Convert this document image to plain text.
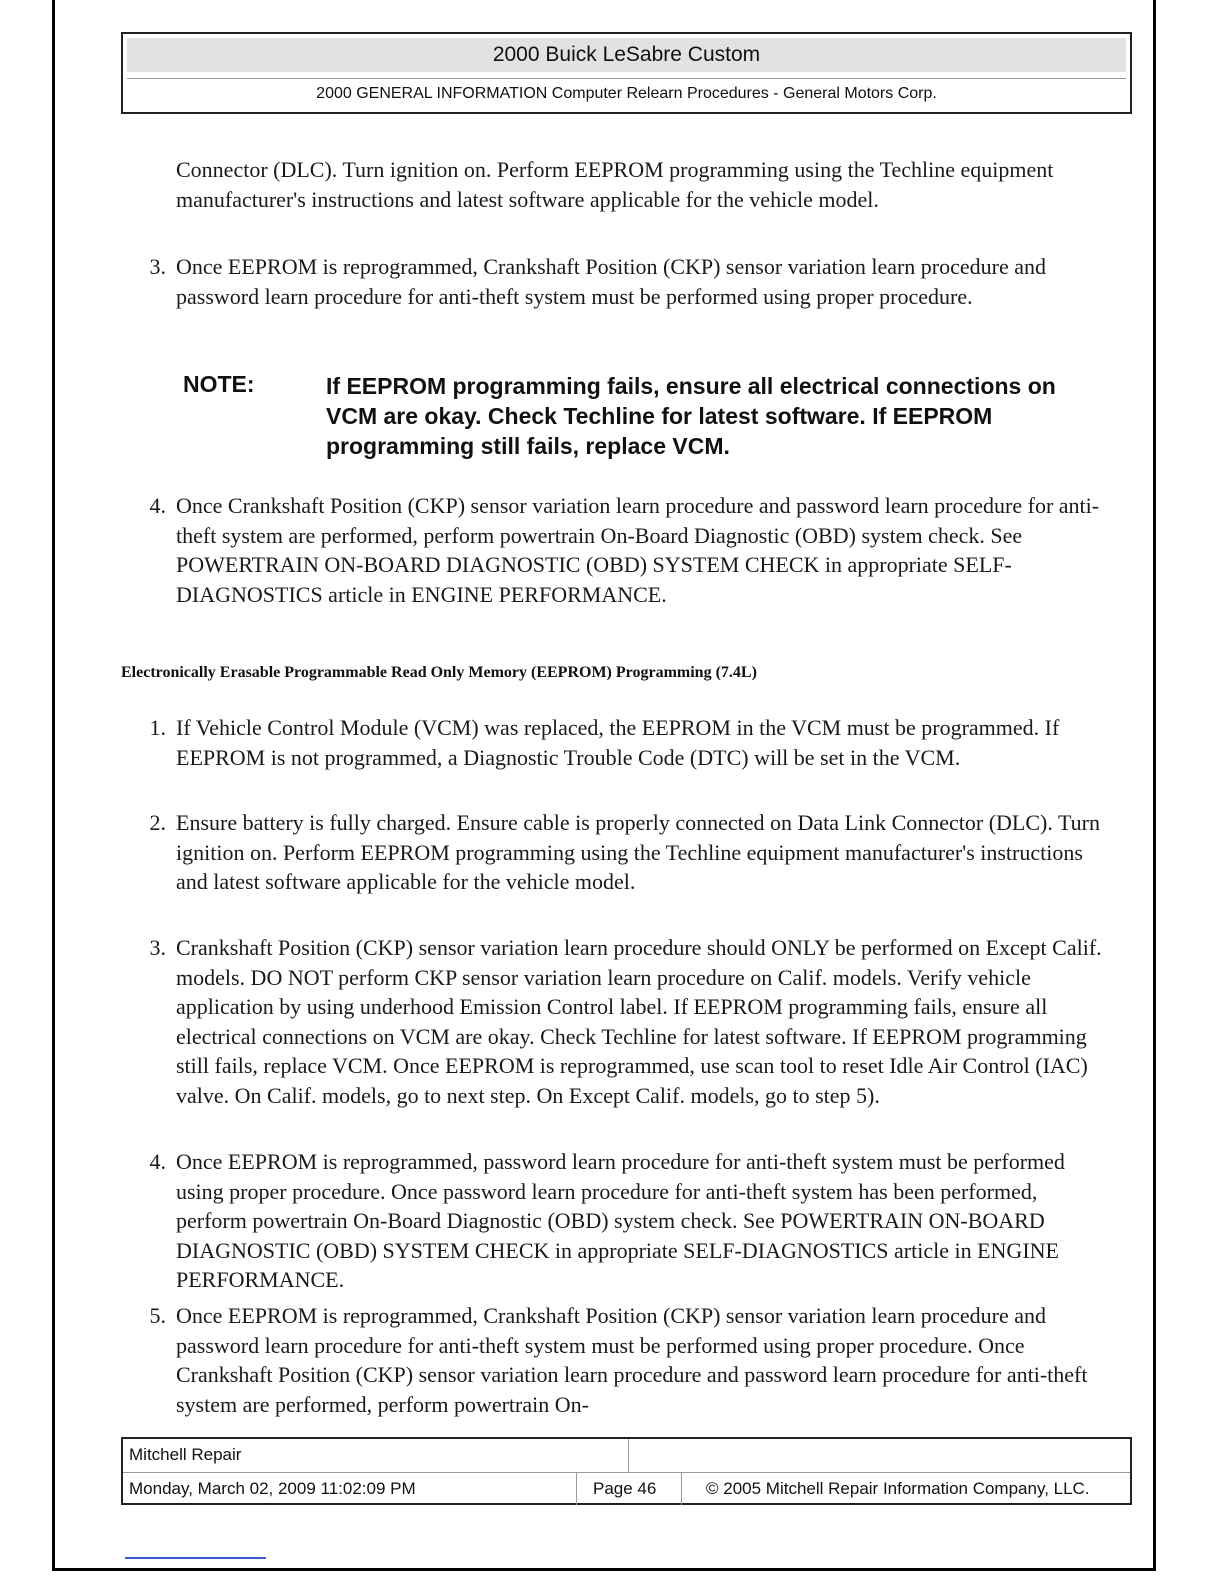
2000 Buick LeSabre Custom
2000 GENERAL INFORMATION Computer Relearn Procedures - General Motors Corp.
Connector (DLC). Turn ignition on. Perform EEPROM programming using the Techline equipment manufacturer's instructions and latest software applicable for the vehicle model.
3. Once EEPROM is reprogrammed, Crankshaft Position (CKP) sensor variation learn procedure and password learn procedure for anti-theft system must be performed using proper procedure.
NOTE:	If EEPROM programming fails, ensure all electrical connections on VCM are okay. Check Techline for latest software. If EEPROM programming still fails, replace VCM.
4. Once Crankshaft Position (CKP) sensor variation learn procedure and password learn procedure for anti-theft system are performed, perform powertrain On-Board Diagnostic (OBD) system check. See POWERTRAIN ON-BOARD DIAGNOSTIC (OBD) SYSTEM CHECK in appropriate SELF-DIAGNOSTICS article in ENGINE PERFORMANCE.
Electronically Erasable Programmable Read Only Memory (EEPROM) Programming (7.4L)
1. If Vehicle Control Module (VCM) was replaced, the EEPROM in the VCM must be programmed. If EEPROM is not programmed, a Diagnostic Trouble Code (DTC) will be set in the VCM.
2. Ensure battery is fully charged. Ensure cable is properly connected on Data Link Connector (DLC). Turn ignition on. Perform EEPROM programming using the Techline equipment manufacturer's instructions and latest software applicable for the vehicle model.
3. Crankshaft Position (CKP) sensor variation learn procedure should ONLY be performed on Except Calif. models. DO NOT perform CKP sensor variation learn procedure on Calif. models. Verify vehicle application by using underhood Emission Control label. If EEPROM programming fails, ensure all electrical connections on VCM are okay. Check Techline for latest software. If EEPROM programming still fails, replace VCM. Once EEPROM is reprogrammed, use scan tool to reset Idle Air Control (IAC) valve. On Calif. models, go to next step. On Except Calif. models, go to step 5).
4. Once EEPROM is reprogrammed, password learn procedure for anti-theft system must be performed using proper procedure. Once password learn procedure for anti-theft system has been performed, perform powertrain On-Board Diagnostic (OBD) system check. See POWERTRAIN ON-BOARD DIAGNOSTIC (OBD) SYSTEM CHECK in appropriate SELF-DIAGNOSTICS article in ENGINE PERFORMANCE.
5. Once EEPROM is reprogrammed, Crankshaft Position (CKP) sensor variation learn procedure and password learn procedure for anti-theft system must be performed using proper procedure. Once Crankshaft Position (CKP) sensor variation learn procedure and password learn procedure for anti-theft system are performed, perform powertrain On-
Mitchell Repair
Monday, March 02, 2009 11:02:09 PM	Page 46	© 2005 Mitchell Repair Information Company, LLC.
